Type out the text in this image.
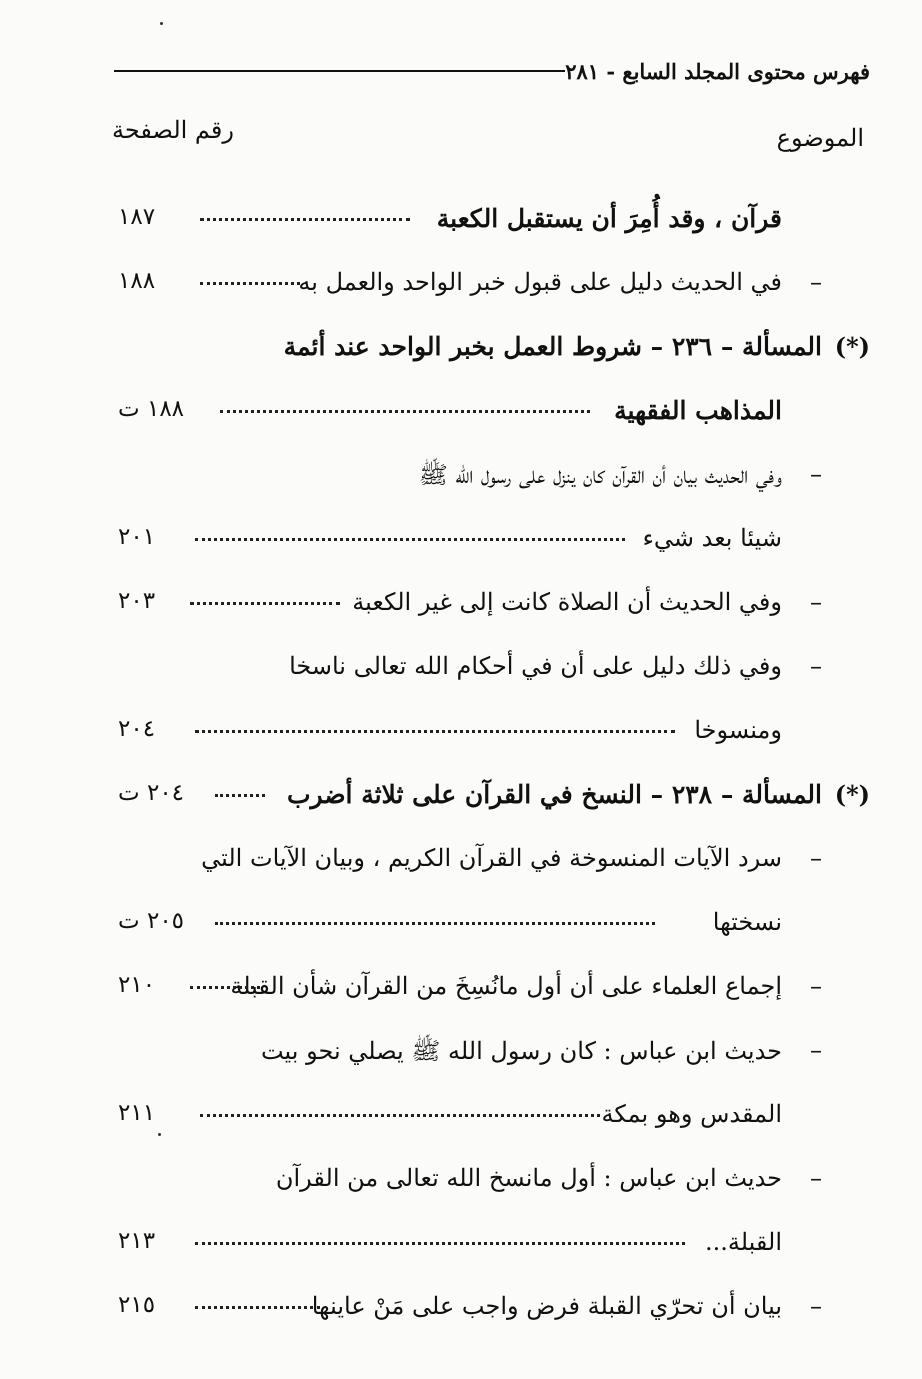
فهرس محتوى المجلد السابع - ٢٨١
الموضوع
رقم الصفحة
قرآن ، وقد أُمِرَ أن يستقبل الكعبة
١٨٧
–
في الحديث دليل على قبول خبر الواحد والعمل به
١٨٨
(*)
المسألة – ٢٣٦ – شروط العمل بخبر الواحد عند أئمة
المذاهب الفقهية
١٨٨ ت
–
وفي الحديث بيان أن القرآن كان ينزل على رسول الله ﷺ
شيئا بعد شيء
٢٠١
–
وفي الحديث أن الصلاة كانت إلى غير الكعبة
٢٠٣
–
وفي ذلك دليل على أن في أحكام الله تعالى ناسخا
ومنسوخا
٢٠٤
(*)
المسألة – ٢٣٨ – النسخ في القرآن على ثلاثة أضرب
٢٠٤ ت
–
سرد الآيات المنسوخة في القرآن الكريم ، وبيان الآيات التي
نسختها
٢٠٥ ت
–
إجماع العلماء على أن أول مانُسِخَ من القرآن شأن القبلة
٢١٠
–
حديث ابن عباس : كان رسول الله ﷺ يصلي نحو بيت
المقدس وهو بمكة
٢١١
–
حديث ابن عباس : أول مانسخ الله تعالى من القرآن
القبلة...
٢١٣
–
بيان أن تحرّي القبلة فرض واجب على مَنْ عاينها
٢١٥
